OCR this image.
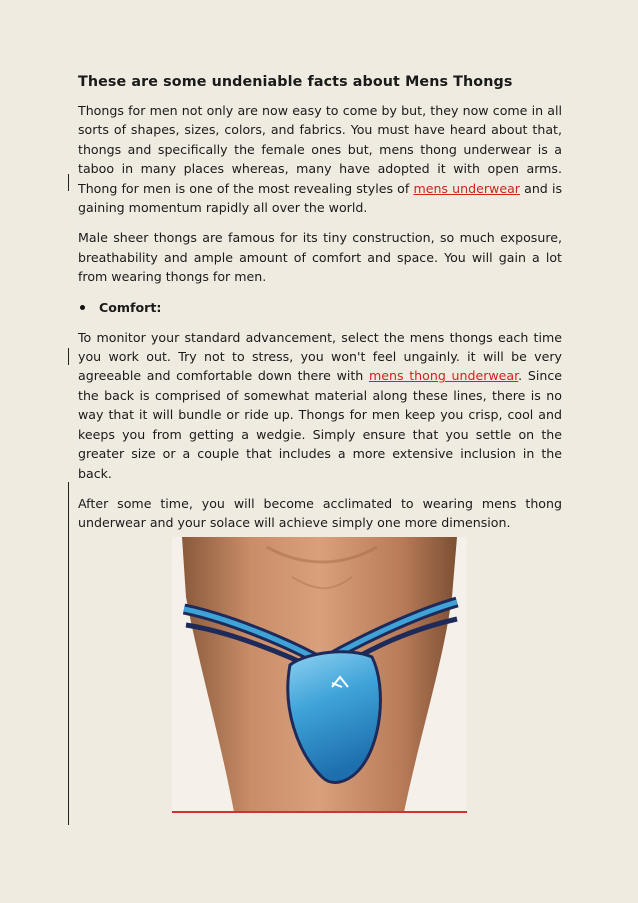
These are some undeniable facts about Mens Thongs

Thongs for men not only are now easy to come by but, they now come in all sorts of shapes, sizes, colors, and fabrics. You must have heard about that, thongs and specifically the female ones but, mens thong underwear is a taboo in many places whereas, many have adopted it with open arms. Thong for men is one of the most revealing styles of mens underwear and is gaining momentum rapidly all over the world.

Male sheer thongs are famous for its tiny construction, so much exposure, breathability and ample amount of comfort and space. You will gain a lot from wearing thongs for men.

Comfort:

To monitor your standard advancement, select the mens thongs each time you work out. Try not to stress, you won't feel ungainly. it will be very agreeable and comfortable down there with mens thong underwear. Since the back is comprised of somewhat material along these lines, there is no way that it will bundle or ride up. Thongs for men keep you crisp, cool and keeps you from getting a wedgie. Simply ensure that you settle on the greater size or a couple that includes a more extensive inclusion in the back.

After some time, you will become acclimated to wearing mens thong underwear and your solace will achieve simply one more dimension.
